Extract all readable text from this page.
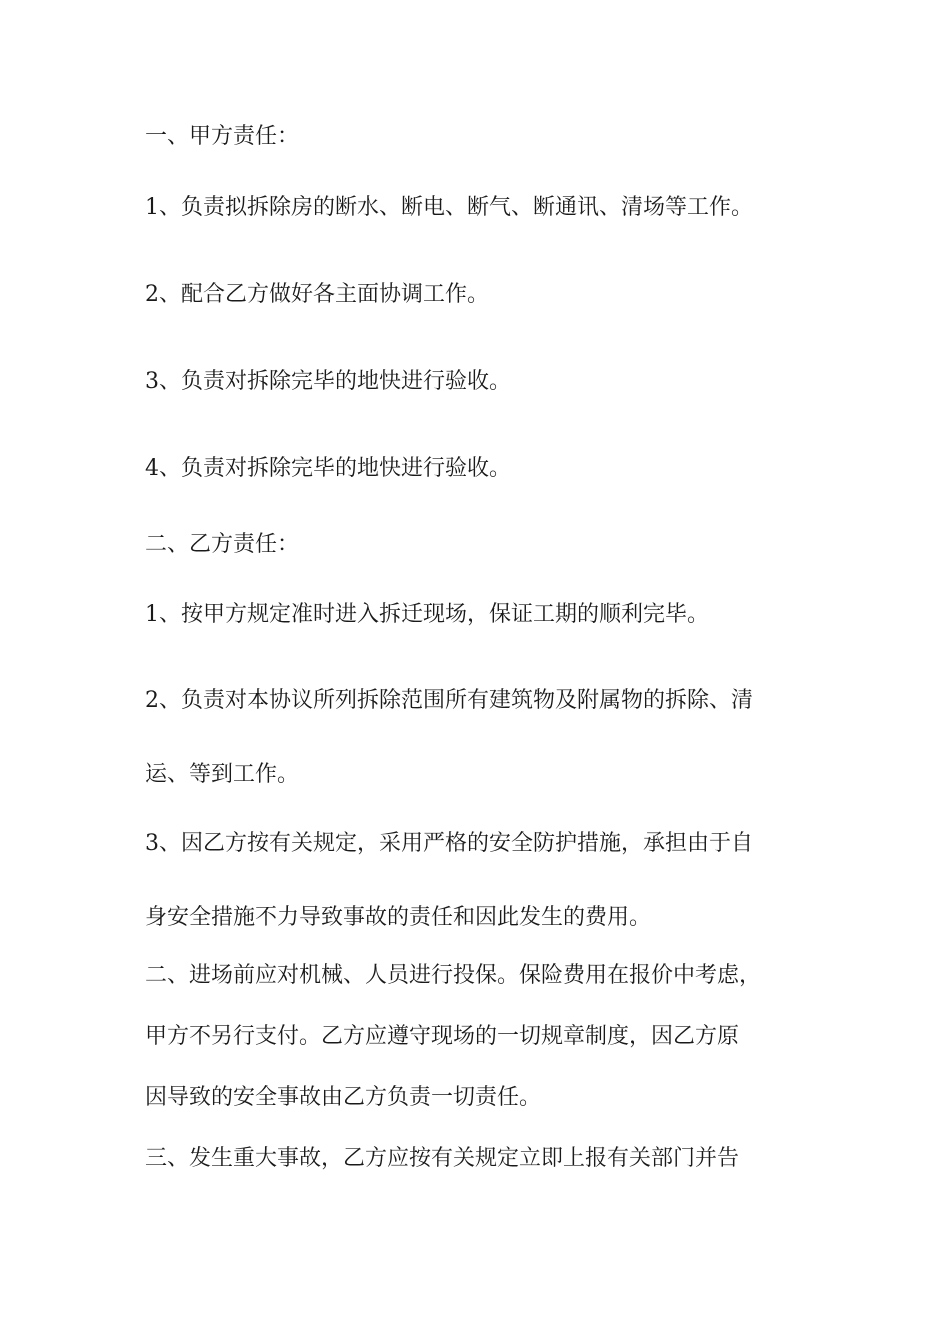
一、甲方责任：

1、负责拟拆除房的断水、断电、断气、断通讯、清场等工作。

2、配合乙方做好各主面协调工作。

3、负责对拆除完毕的地快进行验收。

4、负责对拆除完毕的地快进行验收。

二、乙方责任：

1、按甲方规定准时进入拆迁现场，保证工期的顺利完毕。

2、负责对本协议所列拆除范围所有建筑物及附属物的拆除、清

运、等到工作。

3、因乙方按有关规定，采用严格的安全防护措施，承担由于自

身安全措施不力导致事故的责任和因此发生的费用。

二、进场前应对机械、人员进行投保。保险费用在报价中考虑，

甲方不另行支付。乙方应遵守现场的一切规章制度，因乙方原

因导致的安全事故由乙方负责一切责任。

三、发生重大事故，乙方应按有关规定立即上报有关部门并告
